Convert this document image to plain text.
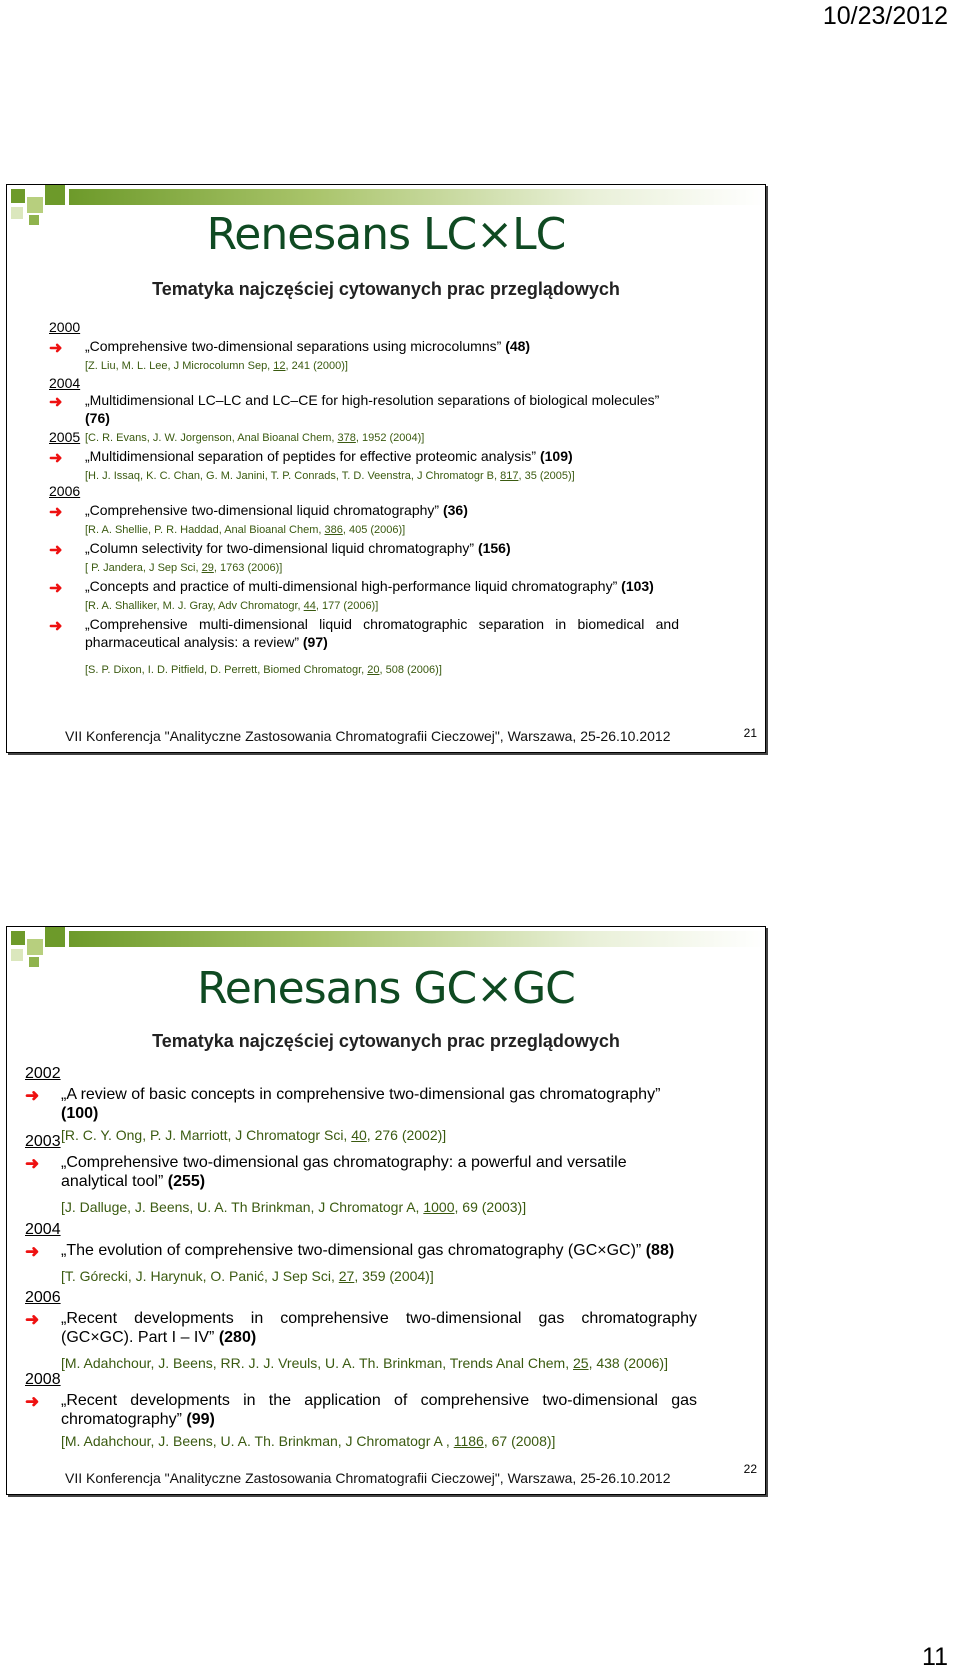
10/23/2012
Renesans LC×LC
Tematyka najczęściej cytowanych prac przeglądowych
2000
➜ „Comprehensive two-dimensional separations using microcolumns” (48)
[Z. Liu, M. L. Lee, J Microcolumn Sep, 12, 241 (2000)]
2004
➜ „Multidimensional LC–LC and LC–CE for high-resolution separations of biological molecules” (76)
[C. R. Evans, J. W. Jorgenson, Anal Bioanal Chem, 378, 1952 (2004)]
2005
➜ „Multidimensional separation of peptides for effective proteomic analysis” (109)
[H. J. Issaq, K. C. Chan, G. M. Janini, T. P. Conrads, T. D. Veenstra, J Chromatogr B, 817, 35 (2005)]
2006
➜ „Comprehensive two-dimensional liquid chromatography” (36)
[R. A. Shellie, P. R. Haddad, Anal Bioanal Chem, 386, 405 (2006)]
➜ „Column selectivity for two-dimensional liquid chromatography” (156)
[ P. Jandera, J Sep Sci, 29, 1763 (2006)]
➜ „Concepts and practice of multi-dimensional high-performance liquid chromatography” (103)
[R. A. Shalliker, M. J. Gray, Adv Chromatogr, 44, 177 (2006)]
➜ „Comprehensive multi-dimensional liquid chromatographic separation in biomedical and pharmaceutical analysis: a review” (97)
[S. P. Dixon, I. D. Pitfield, D. Perrett, Biomed Chromatogr, 20, 508 (2006)]
VII Konferencja "Analityczne Zastosowania Chromatografii Cieczowej", Warszawa, 25-26.10.2012	21
Renesans GC×GC
Tematyka najczęściej cytowanych prac przeglądowych
2002
➜ „A review of basic concepts in comprehensive two-dimensional gas chromatography” (100)
[R. C. Y. Ong, P. J. Marriott, J Chromatogr Sci, 40, 276 (2002)]
2003
➜ „Comprehensive two-dimensional gas chromatography: a powerful and versatile analytical tool” (255)
[J. Dalluge, J. Beens, U. A. Th Brinkman, J Chromatogr A, 1000, 69 (2003)]
2004
➜ „The evolution of comprehensive two-dimensional gas chromatography (GC×GC)” (88)
[T. Górecki, J. Harynuk, O. Panić, J Sep Sci, 27, 359 (2004)]
2006
➜ „Recent developments in comprehensive two-dimensional gas chromatography (GC×GC). Part I – IV” (280)
[M. Adahchour, J. Beens, RR. J. J. Vreuls, U. A. Th. Brinkman, Trends Anal Chem, 25, 438 (2006)]
2008
➜ „Recent developments in the application of comprehensive two-dimensional gas chromatography” (99)
[M. Adahchour, J. Beens, U. A. Th. Brinkman, J Chromatogr A , 1186, 67 (2008)]
VII Konferencja "Analityczne Zastosowania Chromatografii Cieczowej", Warszawa, 25-26.10.2012
22
11
